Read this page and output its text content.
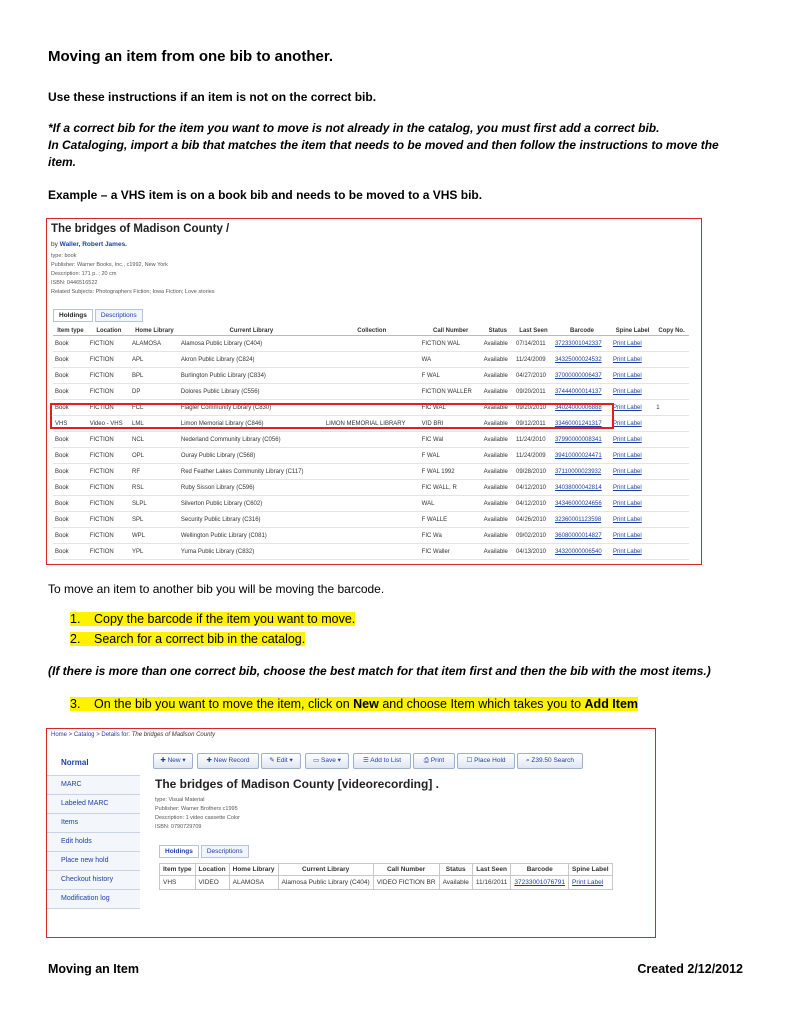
Moving an item from one bib to another.
Use these instructions if an item is not on the correct bib.
*If a correct bib for the item you want to move is not already in the catalog, you must first add a correct bib.
In Cataloging, import a bib that matches the item that needs to be moved and then follow the instructions to move the
item.
Example – a VHS item is on a book bib and needs to be moved to a VHS bib.
The bridges of Madison County /
by Waller, Robert James.
type: book
Publisher: Warner Books, Inc., c1992, New York
Description: 171 p. ; 20 cm
ISBN: 0446516522
Related Subjects: Photographers Fiction; Iowa Fiction; Love stories
Holdings Descriptions
Item type	Location	Home Library	Current Library	Collection	Call Number	Status	Last Seen	Barcode	Spine Label	Copy No.
Book	FICTION	ALAMOSA	Alamosa Public Library (C404)		FICTION WAL	Available	07/14/2011	37233001042337	Print Label	
Book	FICTION	APL	Akron Public Library (C824)		WA	Available	11/24/2009	34325000024532	Print Label	
Book	FICTION	BPL	Burlington Public Library (C834)		F WAL	Available	04/27/2010	37000000006437	Print Label	
Book	FICTION	DP	Dolores Public Library (C556)		FICTION WALLER	Available	09/20/2011	37444000014137	Print Label	
Book	FICTION	FCL	Flagler Community Library (C830)		FIC WAL	Available	09/20/2010	34024000006888	Print Label	1
VHS	Video - VHS	LML	Limon Memorial Library (C846)	LIMON MEMORIAL LIBRARY	VID BRI	Available	09/12/2011	33460001241317	Print Label	
Book	FICTION	NCL	Nederland Community Library (C056)		FIC Wal	Available	11/24/2010	37990000008341	Print Label	
Book	FICTION	OPL	Ouray Public Library (C568)		F WAL	Available	11/24/2009	39410000024471	Print Label	
Book	FICTION	RF	Red Feather Lakes Community Library (C117)		F WAL 1992	Available	09/28/2010	37110000023932	Print Label	
Book	FICTION	RSL	Ruby Sisson Library (C596)		FIC WALL, R	Available	04/12/2010	34038000042814	Print Label	
Book	FICTION	SLPL	Silverton Public Library (C602)		WAL	Available	04/12/2010	34346000024656	Print Label	
Book	FICTION	SPL	Security Public Library (C316)		F WALLE	Available	04/26/2010	32360001123598	Print Label	
Book	FICTION	WPL	Wellington Public Library (C081)		FIC Wa	Available	09/02/2010	36080000014827	Print Label	
Book	FICTION	YPL	Yuma Public Library (C832)		FIC Waller	Available	04/13/2010	34320000006540	Print Label	
To move an item to another bib you will be moving the barcode.
1. Copy the barcode if the item you want to move.
2. Search for a correct bib in the catalog.
(If there is more than one correct bib, choose the best match for that item first and then the bib with the most items.)
3. On the bib you want to move the item, click on New and choose Item which takes you to Add Item
Home > Catalog > Details for: The bridges of Madison County
Normal
MARC
Labeled MARC
Items
Edit holds
Place new hold
Checkout history
Modification log
✚ New ▾	✚ New Record	✎ Edit ▾	▭ Save ▾	☰ Add to List	⎙ Print	☐ Place Hold	⌕ Z39.50 Search
The bridges of Madison County [videorecording] .
type: Visual Material
Publisher: Warner Brothers c1995
Description: 1 video cassette Color
ISBN: 0790729709
Holdings Descriptions
Item type	Location	Home Library	Current Library	Call Number	Status	Last Seen	Barcode	Spine Label
VHS	VIDEO	ALAMOSA	Alamosa Public Library (C404)	VIDEO FICTION BR	Available	11/16/2011	37233001076791	Print Label
Moving an Item	Created 2/12/2012
